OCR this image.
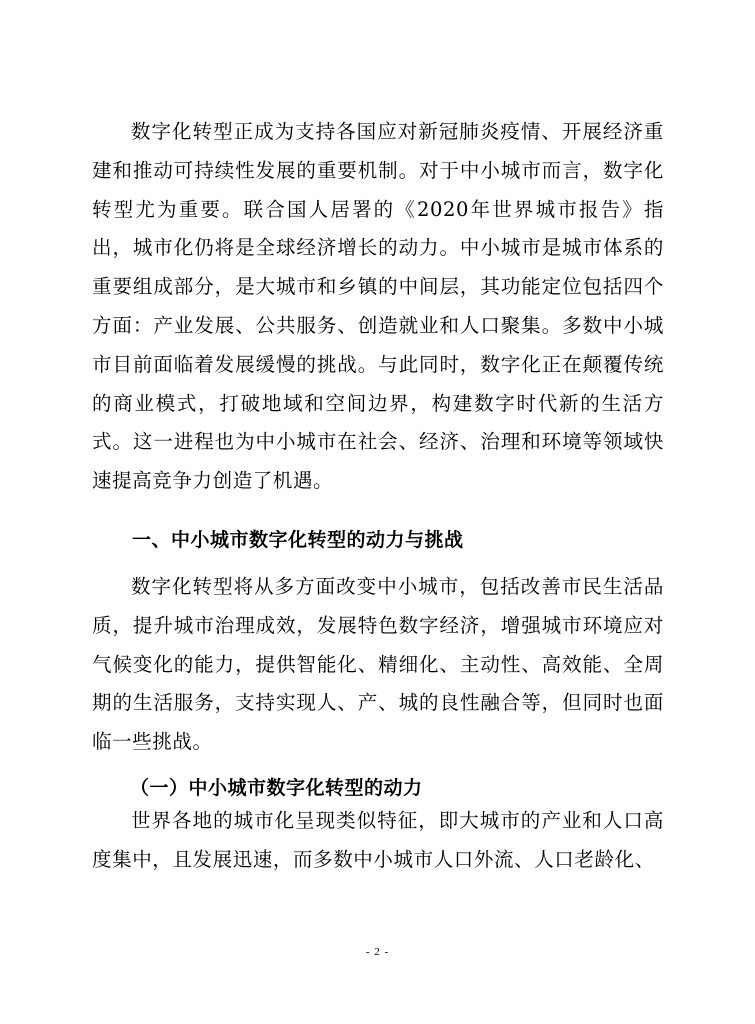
数字化转型正成为支持各国应对新冠肺炎疫情、开展经济重建和推动可持续性发展的重要机制。对于中小城市而言，数字化转型尤为重要。联合国人居署的《2020年世界城市报告》指出，城市化仍将是全球经济增长的动力。中小城市是城市体系的重要组成部分，是大城市和乡镇的中间层，其功能定位包括四个方面：产业发展、公共服务、创造就业和人口聚集。多数中小城市目前面临着发展缓慢的挑战。与此同时，数字化正在颠覆传统的商业模式，打破地域和空间边界，构建数字时代新的生活方式。这一进程也为中小城市在社会、经济、治理和环境等领域快速提高竞争力创造了机遇。

一、中小城市数字化转型的动力与挑战

数字化转型将从多方面改变中小城市，包括改善市民生活品质，提升城市治理成效，发展特色数字经济，增强城市环境应对气候变化的能力，提供智能化、精细化、主动性、高效能、全周期的生活服务，支持实现人、产、城的良性融合等，但同时也面临一些挑战。

（一）中小城市数字化转型的动力

世界各地的城市化呈现类似特征，即大城市的产业和人口高度集中，且发展迅速，而多数中小城市人口外流、人口老龄化、

- 2 -
